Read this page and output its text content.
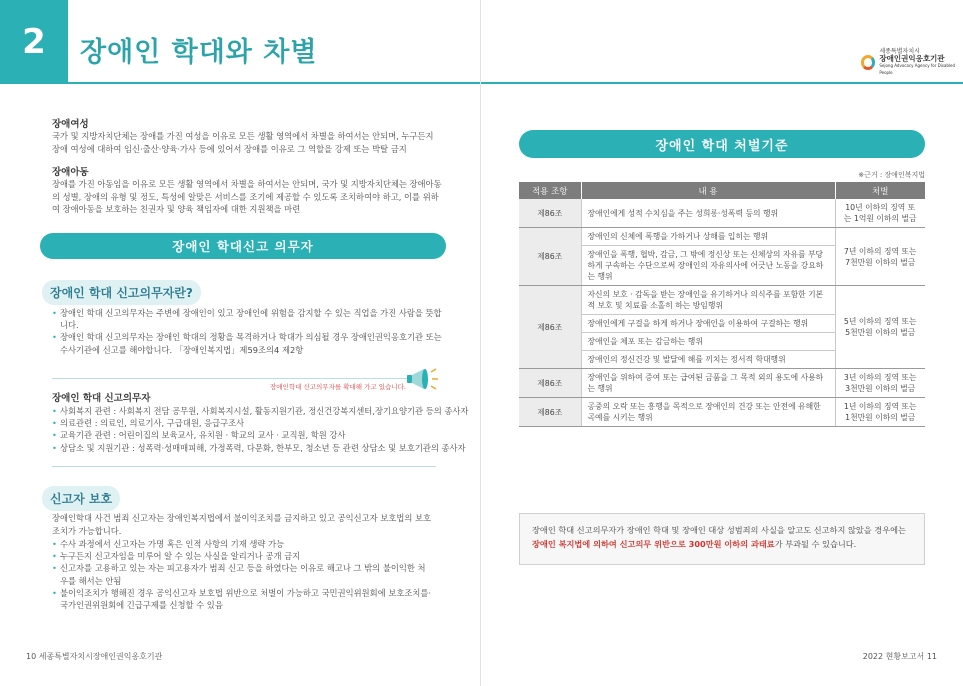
2	장애인 학대와 차별
장애여성
국가 및 지방자치단체는 장애를 가진 여성을 이유로 모든 생활 영역에서 차별을 하여서는 안되며, 누구든지 장애 여성에 대하여 임신·출산·양육·가사 등에 있어서 장애를 이유로 그 역할을 강제 또는 박탈 금지
장애아동
장애를 가진 아동임을 이유로 모든 생활 영역에서 차별을 하여서는 안되며, 국가 및 지방자치단체는 장애아동의 성별, 장애의 유형 및 정도, 특성에 알맞은 서비스를 조기에 제공할 수 있도록 조치하여야 하고, 이를 위하여 장애아동을 보호하는 친권자 및 양육 책임자에 대한 지원책을 마련
장애인 학대신고 의무자
장애인 학대 신고의무자란?
• 장애인 학대 신고의무자는 주변에 장애인이 있고 장애인에 위험을 감지할 수 있는 직업을 가진 사람을 뜻합니다.
• 장애인 학대 신고의무자는 장애인 학대의 정황을 목격하거나 학대가 의심될 경우 장애인권익옹호기관 또는 수사기관에 신고를 해야합니다. 「장애인복지법」제59조의4 제2항
장애인 학대 신고의무자
장애인학대 신고의무자를 확대해 가고 있습니다.
• 사회복지 관련 : 사회복지 전담 공무원, 사회복지시설, 활동지원기관, 정신건강복지센터,장기요양기관 등의 종사자
• 의료관련 : 의료인, 의료기사, 구급대원, 응급구조사
• 교육기관 관련 : 어린이집의 보육교사, 유치원 · 학교의 교사 · 교직원, 학원 강사
• 상담소 및 지원기관 : 성폭력·성매매피해, 가정폭력, 다문화, 한부모, 청소년 등 관련 상담소 및 보호기관의 종사자
신고자 보호
장애인학대 사건 범죄 신고자는 장애인복지법에서 불이익조치를 금지하고 있고 공익신고자 보호법의 보호조치가 가능합니다.
• 수사 과정에서 신고자는 가명 혹은 인적 사항의 기재 생략 가능
• 누구든지 신고자임을 미루어 알 수 있는 사실을 알리거나 공개 금지
• 신고자를 고용하고 있는 자는 피고용자가 범죄 신고 등을 하였다는 이유로 해고나 그 밖의 불이익한 처우를 해서는 안됨
• 불이익조치가 행해진 경우 공익신고자 보호법 위반으로 처벌이 가능하고 국민권익위원회에 보호조치를·국가인권위원회에 긴급구제를 신청할 수 있음
10 세종특별자치시장애인권익옹호기관
세종특별자치시
장애인권익옹호기관
Sejong Advocacy Agency for Disabled People
장애인 학대 처벌기준
※근거 : 장애인복지법
적용 조항	내 용	처벌
제86조	장애인에게 성적 수치심을 주는 성희롱·성폭력 등의 행위	10년 이하의 징역 또는 1억원 이하의 벌금
제86조	장애인의 신체에 폭행을 가하거나 상해를 입히는 행위	7년 이하의 징역 또는 7천만원 이하의 벌금
	장애인을 폭행, 협박, 감금, 그 밖에 정신상 또는 신체상의 자유를 부당하게 구속하는 수단으로써 장애인의 자유의사에 어긋난 노동을 강요하는 행위	
제86조	자신의 보호 · 감독을 받는 장애인을 유기하거나 의식주를 포함한 기본적 보호 및 치료를 소홀히 하는 방임행위	5년 이하의 징역 또는 5천만원 이하의 벌금
	장애인에게 구걸을 하게 하거나 장애인을 이용하여 구걸하는 행위	
	장애인을 체포 또는 감금하는 행위	
	장애인의 정신건강 및 발달에 해를 끼치는 정서적 학대행위	
제86조	장애인을 위하여 증여 또는 급여된 금품을 그 목적 외의 용도에 사용하는 행위	3년 이하의 징역 또는 3천만원 이하의 벌금
제86조	공중의 오락 또는 흥행을 목적으로 장애인의 건강 또는 안전에 유해한 곡예를 시키는 행위	1년 이하의 징역 또는 1천만원 이하의 벌금
장애인 학대 신고의무자가 장애인 학대 및 장애인 대상 성범죄의 사실을 알고도 신고하지 않았을 경우에는
장애인 복지법에 의하여 신고의무 위반으로 300만원 이하의 과태료가 부과될 수 있습니다.
2022 현황보고서 11
